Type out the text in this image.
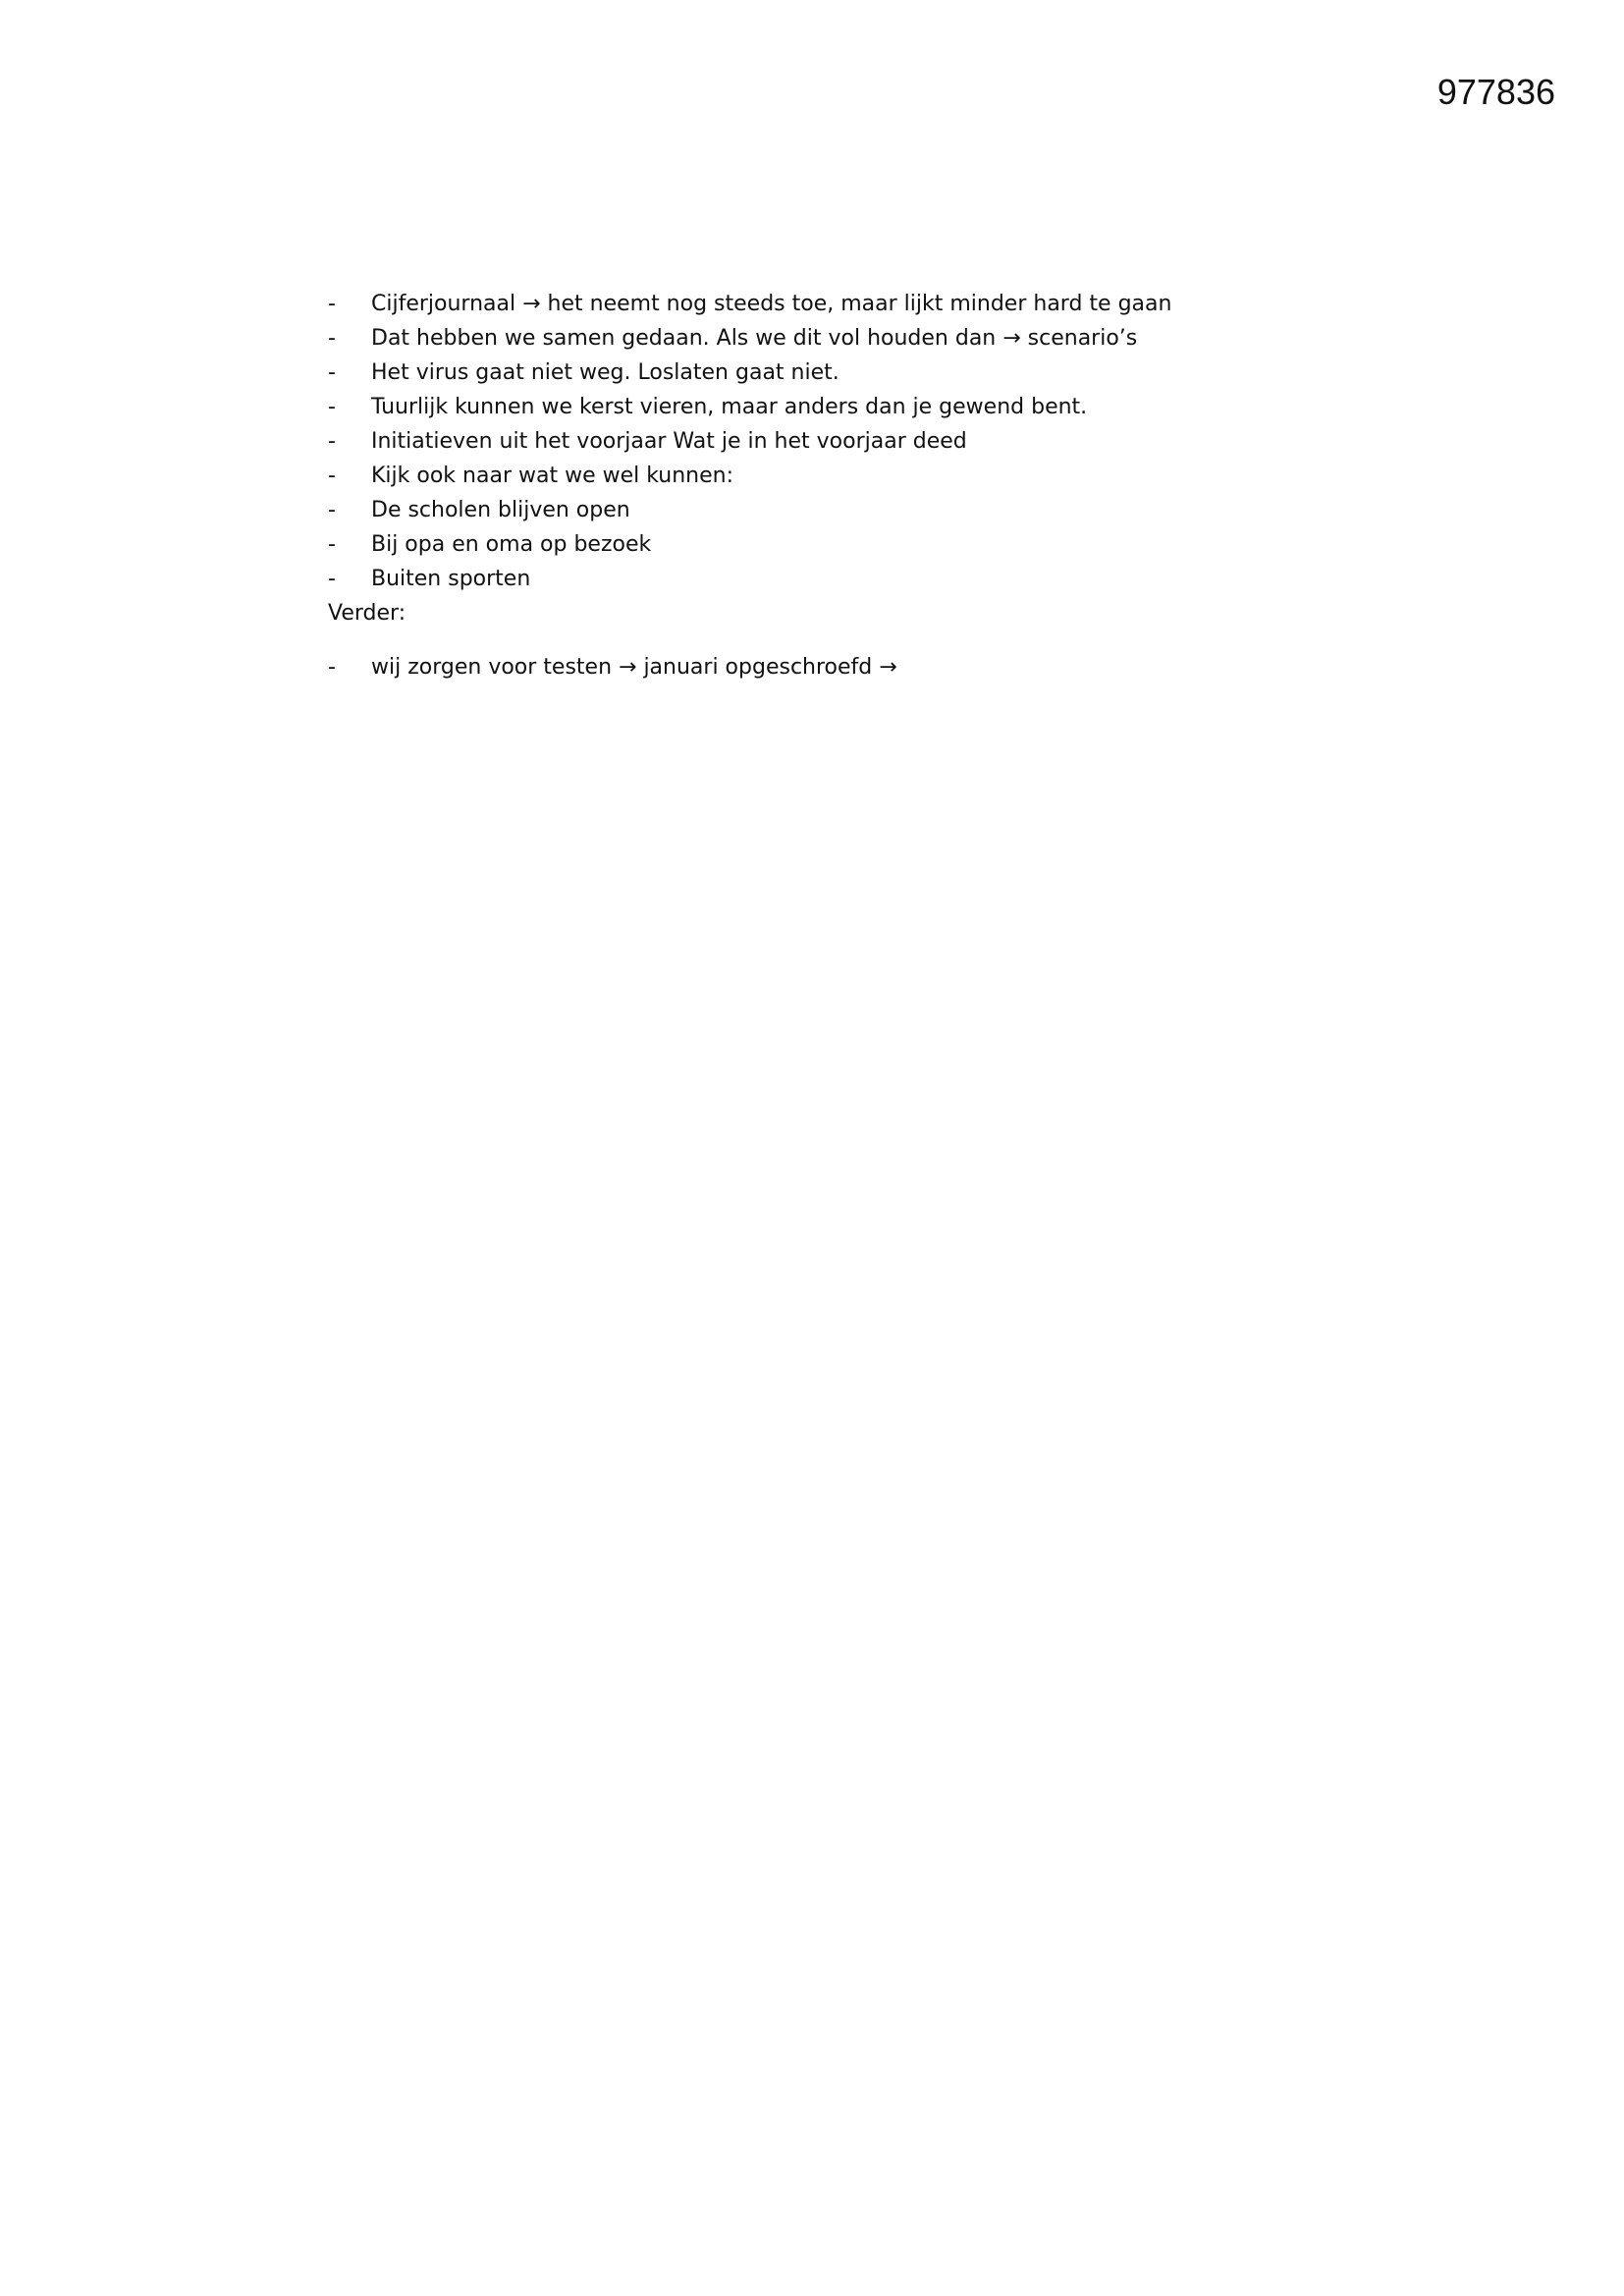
977836
-	Cijferjournaal → het neemt nog steeds toe, maar lijkt minder hard te gaan
-	Dat hebben we samen gedaan. Als we dit vol houden dan → scenario’s
-	Het virus gaat niet weg. Loslaten gaat niet.
-	Tuurlijk kunnen we kerst vieren, maar anders dan je gewend bent.
-	Initiatieven uit het voorjaar Wat je in het voorjaar deed
-	Kijk ook naar wat we wel kunnen:
-	De scholen blijven open
-	Bij opa en oma op bezoek
-	Buiten sporten
Verder:
-	wij zorgen voor testen → januari opgeschroefd →
